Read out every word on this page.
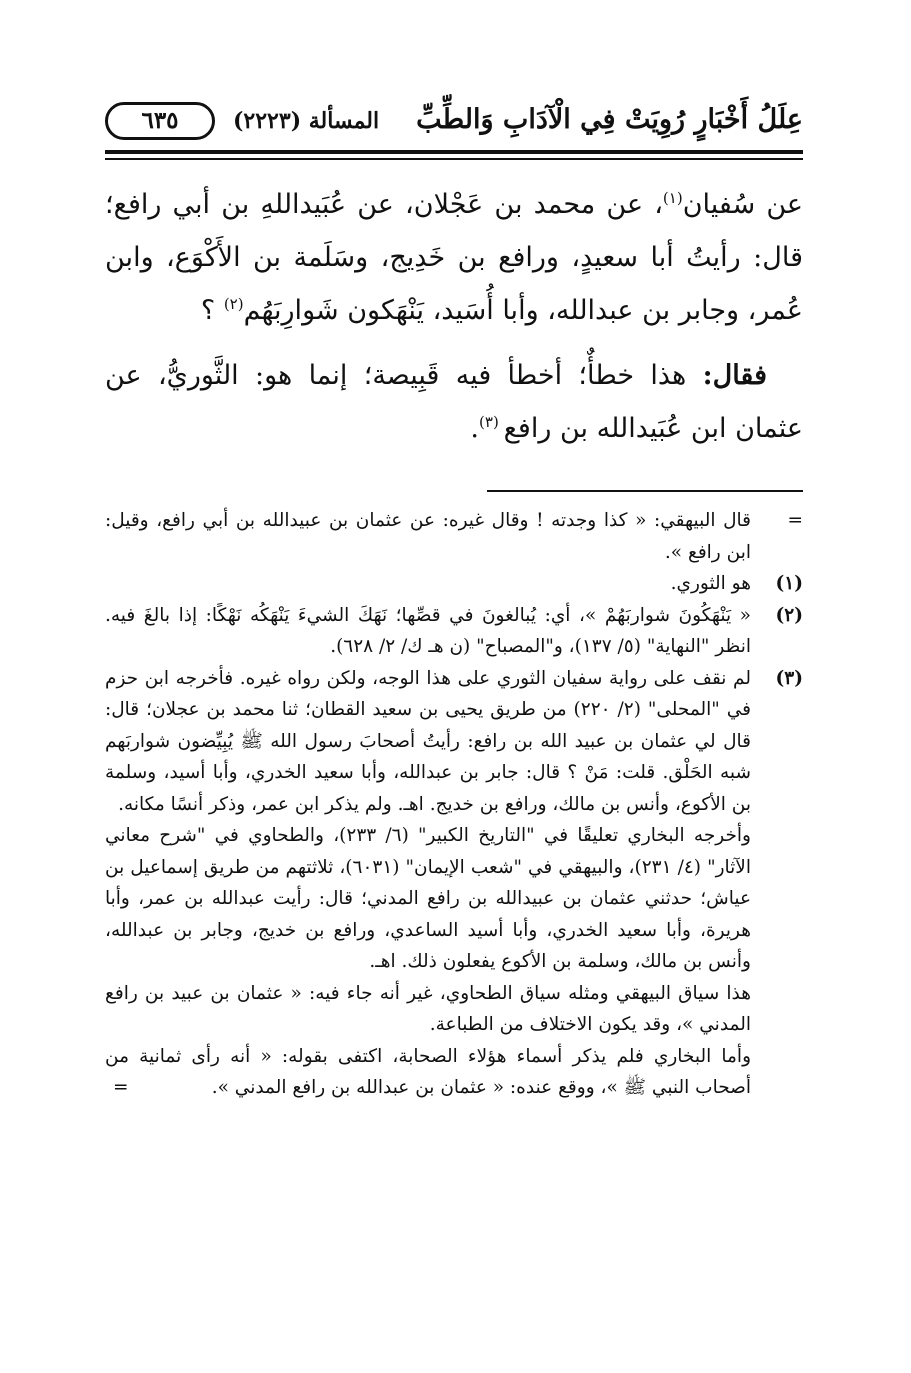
عِلَلُ أَخْبَارٍ رُوِيَتْ فِي الْآدَابِ وَالطِّبِّ
المسألة (٢٢٢٣)
٦٣٥

عن سُفيان$^{(١)}$، عن محمد بن عَجْلان، عن عُبَيداللهِ بن أبي رافع؛ قال: رأيتُ أبا سعيدٍ، ورافع بن خَدِيج، وسَلَمة بن الأَكْوَع، وابن عُمر، وجابر بن عبدالله، وأبا أُسَيد، يَنْهَكون شَوارِبَهُم$^{(٢)}$ ؟

فقال: هذا خطأٌ؛ أخطأ فيه قَبِيصة؛ إنما هو: الثَّوريُّ، عن عثمان ابن عُبَيدالله بن رافع $^{(٣)}$.

=

قال البيهقي: « كذا وجدته ! وقال غيره: عن عثمان بن عبيدالله بن أبي رافع، وقيل: ابن رافع ».

(١)

هو الثوري.

(٢)

« يَنْهَكُونَ شواربَهُمْ »، أي: يُبالغونَ في قصِّها؛ نَهَكَ الشيءَ يَنْهَكُه نَهْكًا: إذا بالغَ فيه. انظر "النهاية" (٥/ ١٣٧)، و"المصباح" (ن هـ ك/ ٢/ ٦٢٨).

(٣)

لم نقف على رواية سفيان الثوري على هذا الوجه، ولكن رواه غيره. فأخرجه ابن حزم في "المحلى" (٢/ ٢٢٠) من طريق يحيى بن سعيد القطان؛ ثنا محمد بن عجلان؛ قال: قال لي عثمان بن عبيد الله بن رافع: رأيتُ أصحابَ رسول الله ﷺ يُبِيِّضون شواربَهم شبه الحَلْق. قلت: مَنْ ؟ قال: جابر بن عبدالله، وأبا سعيد الخدري، وأبا أسيد، وسلمة بن الأكوع، وأنس بن مالك، ورافع بن خديج. اهـ. ولم يذكر ابن عمر، وذكر أنسًا مكانه.

وأخرجه البخاري تعليقًا في "التاريخ الكبير" (٦/ ٢٣٣)، والطحاوي في "شرح معاني الآثار" (٤/ ٢٣١)، والبيهقي في "شعب الإيمان" (٦٠٣١)، ثلاثتهم من طريق إسماعيل بن عياش؛ حدثني عثمان بن عبيدالله بن رافع المدني؛ قال: رأيت عبدالله بن عمر، وأبا هريرة، وأبا سعيد الخدري، وأبا أسيد الساعدي، ورافع بن خديج، وجابر بن عبدالله، وأنس بن مالك، وسلمة بن الأكوع يفعلون ذلك. اهـ.

هذا سياق البيهقي ومثله سياق الطحاوي، غير أنه جاء فيه: « عثمان بن عبيد بن رافع المدني »، وقد يكون الاختلاف من الطباعة.

وأما البخاري فلم يذكر أسماء هؤلاء الصحابة، اكتفى بقوله: « أنه رأى ثمانية من أصحاب النبي ﷺ »، ووقع عنده: « عثمان بن عبدالله بن رافع المدني ».
=
